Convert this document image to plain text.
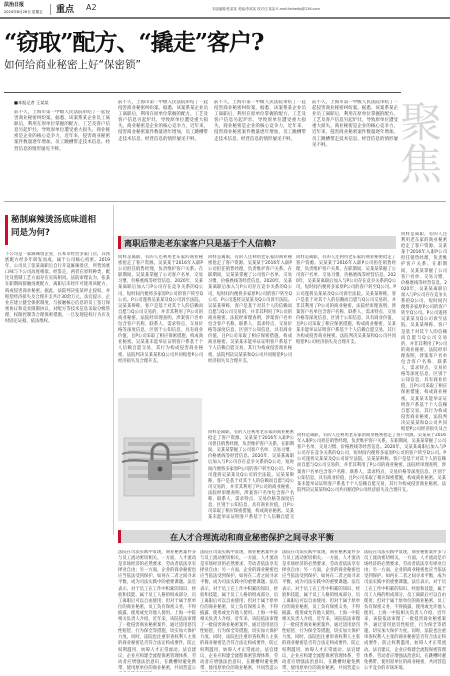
法治日报
2024年6月28日 星期五 重点 A2	本版编辑/张某某 美编/李某某 校对/王某某 E-mail:fzrbzdbj@126.com
“窃取”配方、“撬走”客户?
如何给商业秘密上好“保密锁”
聚焦
■本报记者 王某某
前不久，上海市第一中级人民法院审结了一起侵害商业秘密纠纷案。据悉，该案系某企业员工离职后，利用在原单位掌握的配方、工艺及客户信息另起炉灶，导致原单位遭受重大损失。商业秘密是企业的核心竞争力，近年来，侵害商业秘密案件数量逐年增加，员工跳槽带走技术信息、经营信息的情形屡见不鲜。
前不久，上海市第一中级人民法院审结了一起侵害商业秘密纠纷案。据悉，该案系某企业员工离职后，利用在原单位掌握的配方、工艺及客户信息另起炉灶，导致原单位遭受重大损失。商业秘密是企业的核心竞争力，近年来，侵害商业秘密案件数量逐年增加，员工跳槽带走技术信息、经营信息的情形屡见不鲜。
前不久，上海市第一中级人民法院审结了一起侵害商业秘密纠纷案。据悉，该案系某企业员工离职后，利用在原单位掌握的配方、工艺及客户信息另起炉灶，导致原单位遭受重大损失。商业秘密是企业的核心竞争力，近年来，侵害商业秘密案件数量逐年增加，员工跳槽带走技术信息、经营信息的情形屡见不鲜。
前不久，上海市第一中级人民法院审结了一起侵害商业秘密纠纷案。据悉，该案系某企业员工离职后，利用在原单位掌握的配方、工艺及客户信息另起炉灶，导致原单位遭受重大损失。商业秘密是企业的核心竞争力，近年来，侵害商业秘密案件数量逐年增加，员工跳槽带走技术信息、经营信息的情形屡见不鲜。
秘制麻辣烫汤底味道相同是为何?
下公司是一家麻辣烫企业，在本市经营多家门店，其汤底配方经多年研发而成，属于公司核心机密。2019年，公司员工张某离职后自行开设麻辣烫店，所售汤底口味与下公司高度相似。经鉴定，两者在原料种类、配比及熬制工艺方面存在实质相同。法院审理认为，张某在职期间接触汤底配方，离职后未经许可使用该配方，构成侵害商业秘密。据此，法院判决张某停止侵权，并赔偿经济损失及合理开支共计30余万元。法官提示，企业应建立健全保密制度，与接触核心信息的员工签订保密协议和竞业限制协议，对配方等技术信息采取分级管理、权限控制等合理保密措施，一旦发现侵权行为应及时固定证据，依法维权。
离职后带走老东家客户只是基于个人信赖?
同样是离职，有的人还利用老东家的商业秘密抢走了客户资源。吴某某于2016年入职P公司担任销售经理，负责维护客户关系。在职期间，吴某某掌握了公司客户名单、交易习惯、价格底线等经营信息。2020年，吴某某离职后加入与P公司存在竞争关系的Q公司，短时间内便将多家原P公司的客户转至Q公司。P公司遂将吴某某及Q公司诉至法院。吴某某辩称，客户是基于对其个人的信赖而自愿与Q公司交易的，并非其利用了P公司的商业秘密。法院经审理查明，涉案客户名单包含客户名称、联系人、需求特点、交易价格等深度信息，区别于公知信息，具有商业价值，且P公司采取了相应保密措施，构成商业秘密。吴某某未能举证证明客户系基于个人信赖自愿交易，其行为构成侵害商业秘密。法院判决吴某某和Q公司共同赔偿P公司经济损失及合理开支。
同样是离职，有的人还利用老东家的商业秘密抢走了客户资源。吴某某于2016年入职P公司担任销售经理，负责维护客户关系。在职期间，吴某某掌握了公司客户名单、交易习惯、价格底线等经营信息。2020年，吴某某离职后加入与P公司存在竞争关系的Q公司，短时间内便将多家原P公司的客户转至Q公司。P公司遂将吴某某及Q公司诉至法院。吴某某辩称，客户是基于对其个人的信赖而自愿与Q公司交易的，并非其利用了P公司的商业秘密。法院经审理查明，涉案客户名单包含客户名称、联系人、需求特点、交易价格等深度信息，区别于公知信息，具有商业价值，且P公司采取了相应保密措施，构成商业秘密。吴某某未能举证证明客户系基于个人信赖自愿交易，其行为构成侵害商业秘密。法院判决吴某某和Q公司共同赔偿P公司经济损失及合理开支。
同样是离职，有的人还利用老东家的商业秘密抢走了客户资源。吴某某于2016年入职P公司担任销售经理，负责维护客户关系。在职期间，吴某某掌握了公司客户名单、交易习惯、价格底线等经营信息。2020年，吴某某离职后加入与P公司存在竞争关系的Q公司，短时间内便将多家原P公司的客户转至Q公司。P公司遂将吴某某及Q公司诉至法院。吴某某辩称，客户是基于对其个人的信赖而自愿与Q公司交易的，并非其利用了P公司的商业秘密。法院经审理查明，涉案客户名单包含客户名称、联系人、需求特点、交易价格等深度信息，区别于公知信息，具有商业价值，且P公司采取了相应保密措施，构成商业秘密。吴某某未能举证证明客户系基于个人信赖自愿交易，其行为构成侵害商业秘密。法院判决吴某某和Q公司共同赔偿P公司经济损失及合理开支。
同样是离职，有的人还利用老东家的商业秘密抢走了客户资源。吴某某于2016年入职P公司担任销售经理，负责维护客户关系。在职期间，吴某某掌握了公司客户名单、交易习惯、价格底线等经营信息。2020年，吴某某离职后加入与P公司存在竞争关系的Q公司，短时间内便将多家原P公司的客户转至Q公司。P公司遂将吴某某及Q公司诉至法院。吴某某辩称，客户是基于对其个人的信赖而自愿与Q公司交易的，并非其利用了P公司的商业秘密。法院经审理查明，涉案客户名单包含客户名称、联系人、需求特点、交易价格等深度信息，区别于公知信息，具有商业价值，且P公司采取了相应保密措施，构成商业秘密。吴某某未能举证证明客户系基于个人信赖自愿交
同样是离职，有的人还利用老东家的商业秘密抢走了客户资源。吴某某于2016年入职P公司担任销售经理，负责维护客户关系。在职期间，吴某某掌握了公司客户名单、交易习惯、价格底线等经营信息。2020年，吴某某离职后加入与P公司存在竞争关系的Q公司，短时间内便将多家原P公司的客户转至Q公司。P公司遂将吴某某及Q公司诉至法院。吴某某辩称，客户是基于对其个人的信赖而自愿与Q公司交易的，并非其利用了P公司的商业秘密。法院经审理查明，涉案客户名单包含客户名称、联系人、需求特点、交易价格等深度信息，区别于公知信息，具有商业价值，且P公司采取了相应保密措施，构成商业秘密。吴某某未能举证证明客户系基于个人信赖自愿交易，其行为构成侵害商业秘密。法院判决吴某某和Q公司共同赔偿P公司经济损失及合理开支。
同样是离职，有的人还利用老东家的商业秘密抢走了客户资源。吴某某于2016年入职P公司担任销售经理，负责维护客户关系。在职期间，吴某某掌握了公司客户名单、交易习惯、价格底线等经营信息。2020年，吴某某离职后加入与P公司存在竞争关系的Q公司，短时间内便将多家原P公司的客户转至Q公司。P公司遂将吴某某及Q公司诉至法院。吴某某辩称，客户是基于对其个人的信赖而自愿与Q公司交易的，并非其利用了P公司的商业秘密。法院经审理查明，涉案客户名单包含客户名称、联系人、需求特点、交易价格等深度信息，区别于公知信息，具有商业价值，且P公司采取了相应保密措施，构成商业秘密。吴某某未能举证证明客户系基于个人信赖自愿交易，其行为构成侵害商业秘密。法院判决吴某某和Q公司共同赔偿P公司经济损失及合
在人才合理流动和商业秘密保护之间寻求平衡
法院在司法实践中发现，商业秘密案件多与员工流动密切相关。一方面，人才流动是市场经济的必然要求，劳动者依法享有择业自由；另一方面，企业的商业秘密也应当依法受到保护。如何在二者之间寻求平衡，成为司法实践中的重要课题。法官表示，对于员工在工作中积累的知识、经验和技能，属于员工人格的组成部分，员工离职后可以自由使用；但对于属于原单位的商业秘密，员工负有保密义务，不得披露、使用或允许他人使用。上海一中院相关负责人介绍，近年来，该院依法审理了一批侵害商业秘密案件，通过适用惩罚性赔偿、行为保全等措施，切实加大保护力度。同时，法院也注重审查权利人主张的商业秘密是否符合法定构成要件，防止权利滥用，妨碍人才正常流动。法官建议，企业应构建全流程保密管理体系，劳动者应增强法治意识，在跳槽时避免携带、使用原单位的商业秘密，共同营造公
法院在司法实践中发现，商业秘密案件多与员工流动密切相关。一方面，人才流动是市场经济的必然要求，劳动者依法享有择业自由；另一方面，企业的商业秘密也应当依法受到保护。如何在二者之间寻求平衡，成为司法实践中的重要课题。法官表示，对于员工在工作中积累的知识、经验和技能，属于员工人格的组成部分，员工离职后可以自由使用；但对于属于原单位的商业秘密，员工负有保密义务，不得披露、使用或允许他人使用。上海一中院相关负责人介绍，近年来，该院依法审理了一批侵害商业秘密案件，通过适用惩罚性赔偿、行为保全等措施，切实加大保护力度。同时，法院也注重审查权利人主张的商业秘密是否符合法定构成要件，防止权利滥用，妨碍人才正常流动。法官建议，企业应构建全流程保密管理体系，劳动者应增强法治意识，在跳槽时避免携带、使用原单位的商业秘密，共同营造公
法院在司法实践中发现，商业秘密案件多与员工流动密切相关。一方面，人才流动是市场经济的必然要求，劳动者依法享有择业自由；另一方面，企业的商业秘密也应当依法受到保护。如何在二者之间寻求平衡，成为司法实践中的重要课题。法官表示，对于员工在工作中积累的知识、经验和技能，属于员工人格的组成部分，员工离职后可以自由使用；但对于属于原单位的商业秘密，员工负有保密义务，不得披露、使用或允许他人使用。上海一中院相关负责人介绍，近年来，该院依法审理了一批侵害商业秘密案件，通过适用惩罚性赔偿、行为保全等措施，切实加大保护力度。同时，法院也注重审查权利人主张的商业秘密是否符合法定构成要件，防止权利滥用，妨碍人才正常流动。法官建议，企业应构建全流程保密管理体系，劳动者应增强法治意识，在跳槽时避免携带、使用原单位的商业秘密，共同营造公
法院在司法实践中发现，商业秘密案件多与员工流动密切相关。一方面，人才流动是市场经济的必然要求，劳动者依法享有择业自由；另一方面，企业的商业秘密也应当依法受到保护。如何在二者之间寻求平衡，成为司法实践中的重要课题。法官表示，对于员工在工作中积累的知识、经验和技能，属于员工人格的组成部分，员工离职后可以自由使用；但对于属于原单位的商业秘密，员工负有保密义务，不得披露、使用或允许他人使用。上海一中院相关负责人介绍，近年来，该院依法审理了一批侵害商业秘密案件，通过适用惩罚性赔偿、行为保全等措施，切实加大保护力度。同时，法院也注重审查权利人主张的商业秘密是否符合法定构成要件，防止权利滥用，妨碍人才正常流动。法官建议，企业应构建全流程保密管理体系，劳动者应增强法治意识，在跳槽时避免携带、使用原单位的商业秘密，共同营造公平竞争的市场环境。
